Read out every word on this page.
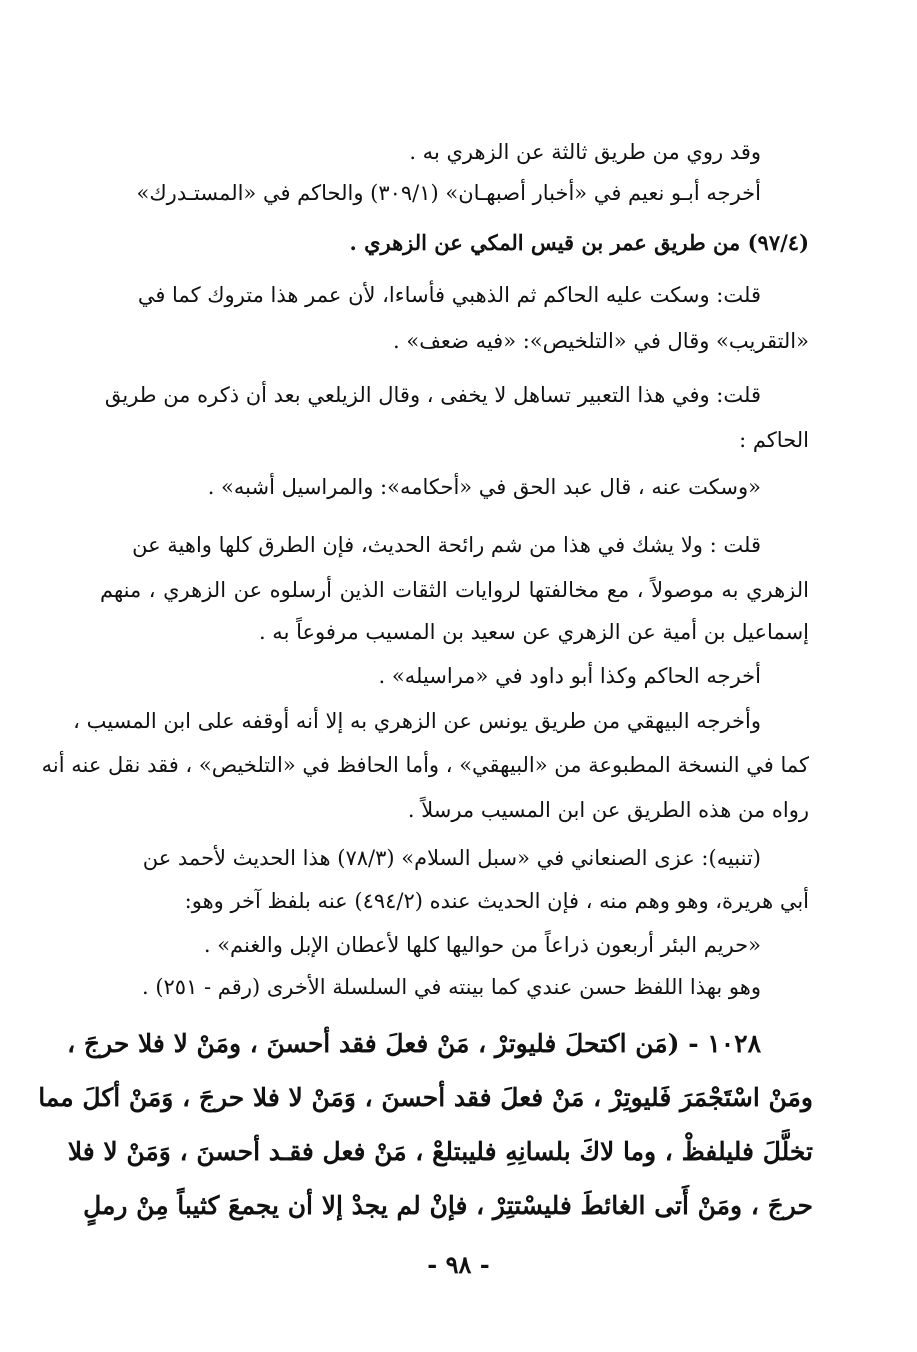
وقد روي من طريق ثالثة عن الزهري به .
أخرجه أبـو نعيم في «أخبار أصبهـان» (٣٠٩/١) والحاكم في «المستـدرك»
(٩٧/٤) من طريق عمر بن قيس المكي عن الزهري .
قلت: وسكت عليه الحاكم ثم الذهبي فأساءا، لأن عمر هذا متروك كما في
«التقريب» وقال في «التلخيص»: «فيه ضعف» .
قلت: وفي هذا التعبير تساهل لا يخفى ، وقال الزيلعي بعد أن ذكره من طريق
الحاكم :
«وسكت عنه ، قال عبد الحق في «أحكامه»: والمراسيل أشبه» .
قلت : ولا يشك في هذا من شم رائحة الحديث، فإن الطرق كلها واهية عن
الزهري به موصولاً ، مع مخالفتها لروايات الثقات الذين أرسلوه عن الزهري ، منهم
إسماعيل بن أمية عن الزهري عن سعيد بن المسيب مرفوعاً به .
أخرجه الحاكم وكذا أبو داود في «مراسيله» .
وأخرجه البيهقي من طريق يونس عن الزهري به إلا أنه أوقفه على ابن المسيب ،
كما في النسخة المطبوعة من «البيهقي» ، وأما الحافظ في «التلخيص» ، فقد نقل عنه أنه
رواه من هذه الطريق عن ابن المسيب مرسلاً .
(تنبيه): عزى الصنعاني في «سبل السلام» (٧٨/٣) هذا الحديث لأحمد عن
أبي هريرة، وهو وهم منه ، فإن الحديث عنده (٤٩٤/٢) عنه بلفظ آخر وهو:
«حريم البئر أربعون ذراعاً من حواليها كلها لأعطان الإبل والغنم» .
وهو بهذا اللفظ حسن عندي كما بينته في السلسلة الأخرى (رقم - ٢٥١) .
١٠٢٨ - (مَن اكتحلَ فليوترْ ، مَنْ فعلَ فقد أحسنَ ، ومَنْ لا فلا حرجَ ،
ومَنْ اسْتَجْمَرَ فَليوتِرْ ، مَنْ فعلَ فقد أحسنَ ، وَمَنْ لا فلا حرجَ ، وَمَنْ أكلَ مما
تخلَّلَ فليلفظْ ، وما لاكَ بلسانِهِ فليبتلعْ ، مَنْ فعل فقـد أحسنَ ، وَمَنْ لا فلا
حرجَ ، ومَنْ أَتى الغائطَ فليسْتتِرْ ، فإنْ لم يجدْ إلا أن يجمعَ كثيباً مِنْ رملٍ
- ٩٨ -
